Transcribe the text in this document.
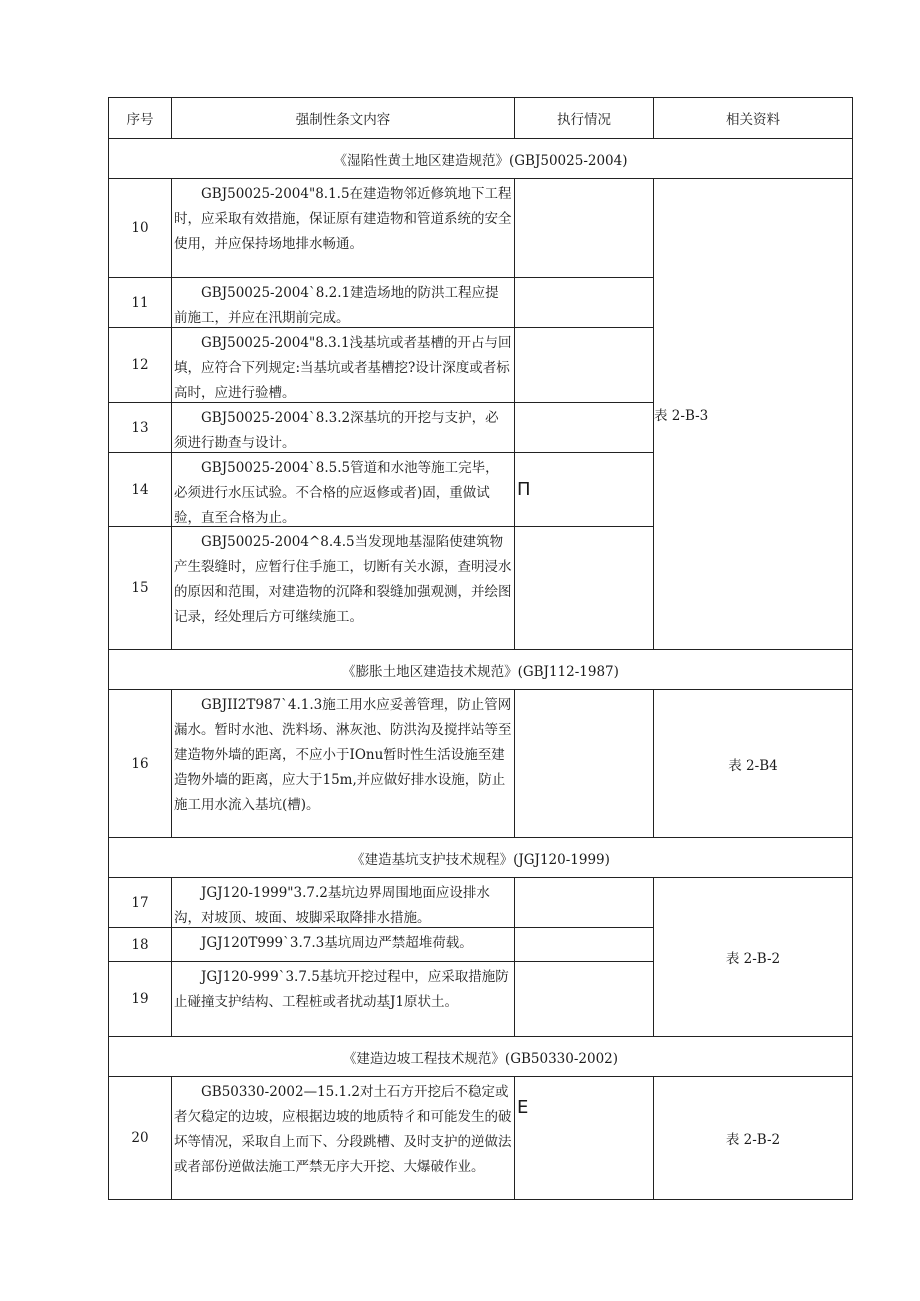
序号	强制性条文内容	执行情况	相关资料
《湿陷性黄土地区建造规范》(GBJ50025-2004)			
10	GBJ50025-2004"8.1.5在建造物邻近修筑地下工程时，应采取有效措施，保证原有建造物和管道系统的安全使用，并应保持场地排水畅通。		表 2-B-3
11	GBJ50025-2004`8.2.1建造场地的防洪工程应提前施工，并应在汛期前完成。		

12	GBJ50025-2004"8.3.1浅基坑或者基槽的开占与回填，应符合下列规定:当基坑或者基槽挖?设计深度或者标高时，应进行验槽。		

13	GBJ50025-2004`8.3.2深基坑的开挖与支护，必须进行勘查与设计。		

14	GBJ50025-2004`8.5.5管道和水池等施工完毕，必须进行水压试验。不合格的应返修或者)固，重做试验，直至合格为止。	П	
15	GBJ50025-2004^8.4.5当发现地基湿陷使建筑物产生裂缝时，应暂行住手施工，切断有关水源，查明浸水的原因和范围，对建造物的沉降和裂缝加强观测，并绘图记录，经处理后方可继续施工。		

《膨胀土地区建造技术规范》(GBJ112-1987)			
16	GBJII2T987`4.1.3施工用水应妥善管理，防止管网漏水。暂时水池、洗料场、淋灰池、防洪沟及搅拌站等至建造物外墙的距离，不应小于IOnu暂时性生活设施至建造物外墙的距离，应大于15m,并应做好排水设施，防止施工用水流入基坑(槽)。		表 2-B4
《建造基坑支护技术规程》(JGJ120-1999)			
17	JGJ120-1999"3.7.2基坑边界周围地面应设排水沟，对坡顶、坡面、坡脚采取降排水措施。		表 2-B-2
18	JGJ120T999`3.7.3基坑周边严禁超堆荷载。		

19	JGJ120-999`3.7.5基坑开挖过程中，应采取措施防止碰撞支护结构、工程桩或者扰动基J1原状土。		

《建造边坡工程技术规范》(GB50330-2002)			
20	GB50330-2002—15.1.2对土石方开挖后不稳定或者欠稳定的边坡，应根据边坡的地质特彳和可能发生的破坏等情况，采取自上而下、分段跳槽、及时支护的逆做法或者部份逆做法施工严禁无序大开挖、大爆破作业。	E	表 2-B-2
